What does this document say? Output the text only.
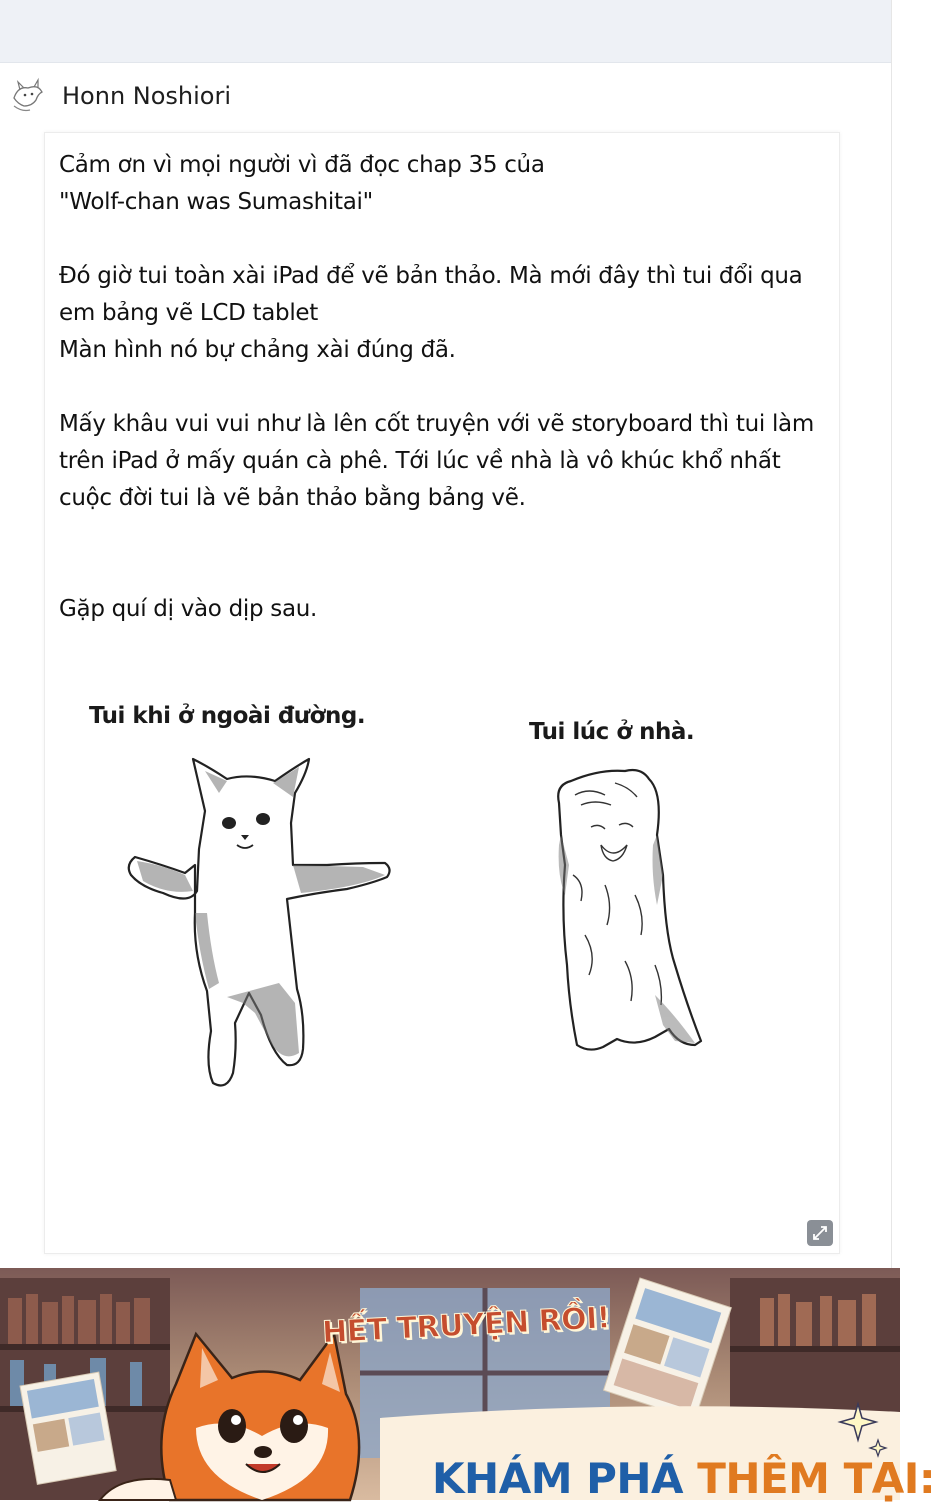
Honn Noshiori
Cảm ơn vì mọi người vì đã đọc chap 35 của
"Wolf-chan was Sumashitai"

Đó giờ tui toàn xài iPad để vẽ bản thảo. Mà mới đây thì tui đổi qua
em bảng vẽ LCD tablet
Màn hình nó bự chảng xài đúng đã.

Mấy khâu vui vui như là lên cốt truyện với vẽ storyboard thì tui làm
trên iPad ở mấy quán cà phê. Tới lúc về nhà là vô khúc khổ nhất
cuộc đời tui là vẽ bản thảo bằng bảng vẽ.

Gặp quí dị vào dịp sau.
Tui khi ở ngoài đường.
Tui lúc ở nhà.
HẾT TRUYỆN RỒI!
KHÁM PHÁ THÊM TẠI:
